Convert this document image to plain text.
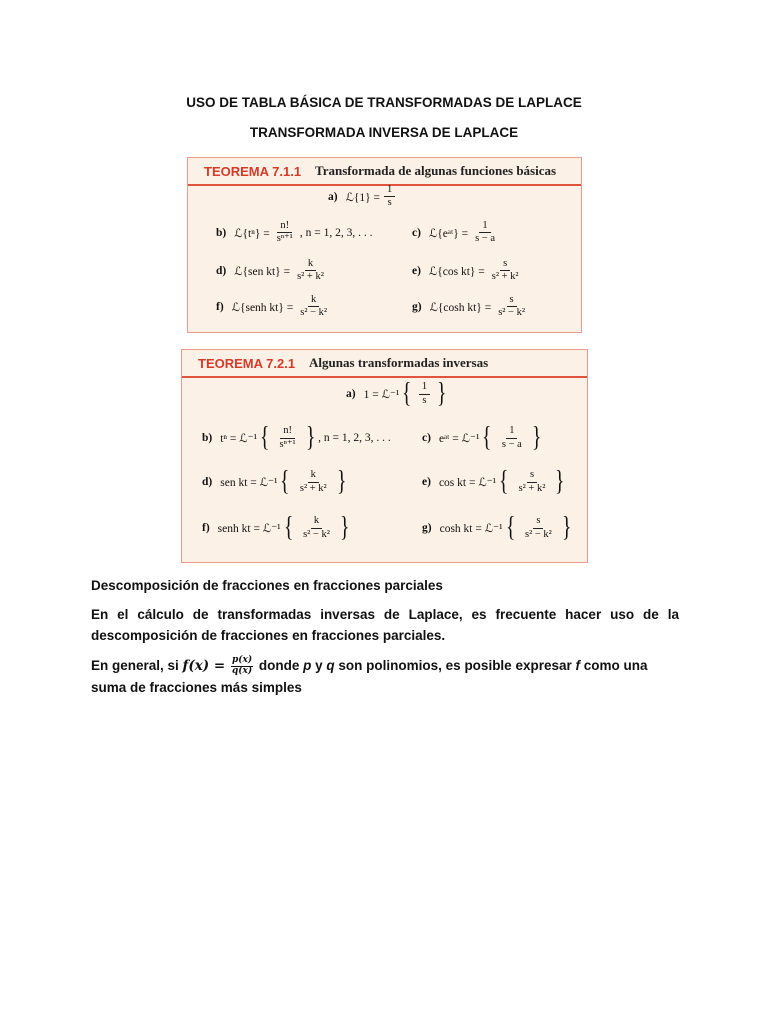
USO DE TABLA BÁSICA DE TRANSFORMADAS DE LAPLACE
TRANSFORMADA INVERSA DE LAPLACE
TEOREMA 7.1.1 Transformada de algunas funciones básicas
a) ℒ{1} = $\frac{1}{s}$
b) ℒ{tⁿ} = $\frac{n!}{\text{sⁿ⁺¹}}$ , n = 1, 2, 3, . . .	c) ℒ{eᵃᵗ} = $\frac{1}{s - a}$
d) ℒ{sen $kt\} = \frac{k}{\text{s² + k²}}$	e) ℒ{cos $kt\} = \frac{s}{\text{s² + k²}}$
f) ℒ{senh $kt\} = \frac{k}{\text{s² − k²}}$	g) ℒ{cosh $kt\} = \frac{s}{\text{s² − k²}}$
TEOREMA 7.2.1 Algunas transformadas inversas
a) 1 = ℒ⁻¹ { $\frac{1}{s}$ }
b) tⁿ = ℒ⁻¹ { $\frac{n!}{\text{sⁿ⁺¹}}$ } , n = 1, 2, 3, . . .	c) eᵃᵗ = ℒ⁻¹ { $\frac{1}{s - a}$ }
d) sen kt = ℒ⁻¹ { $\frac{k}{\text{s² + k²}}$ }	e) cos kt = ℒ⁻¹ { $\frac{s}{\text{s² + k²}}$ }
f) senh kt = ℒ⁻¹ { $\frac{k}{\text{s² − k²}}$ }	g) cosh kt = ℒ⁻¹ { $\frac{s}{\text{s² − k²}}$ }
Descomposición de fracciones en fracciones parciales
En el cálculo de transformadas inversas de Laplace, es frecuente hacer uso de la descomposición de fracciones en fracciones parciales.
En general, si $f(x) = \frac{p(x)}{q(x)}$ donde p y q son polinomios, es posible expresar f como una suma de fracciones más simples
